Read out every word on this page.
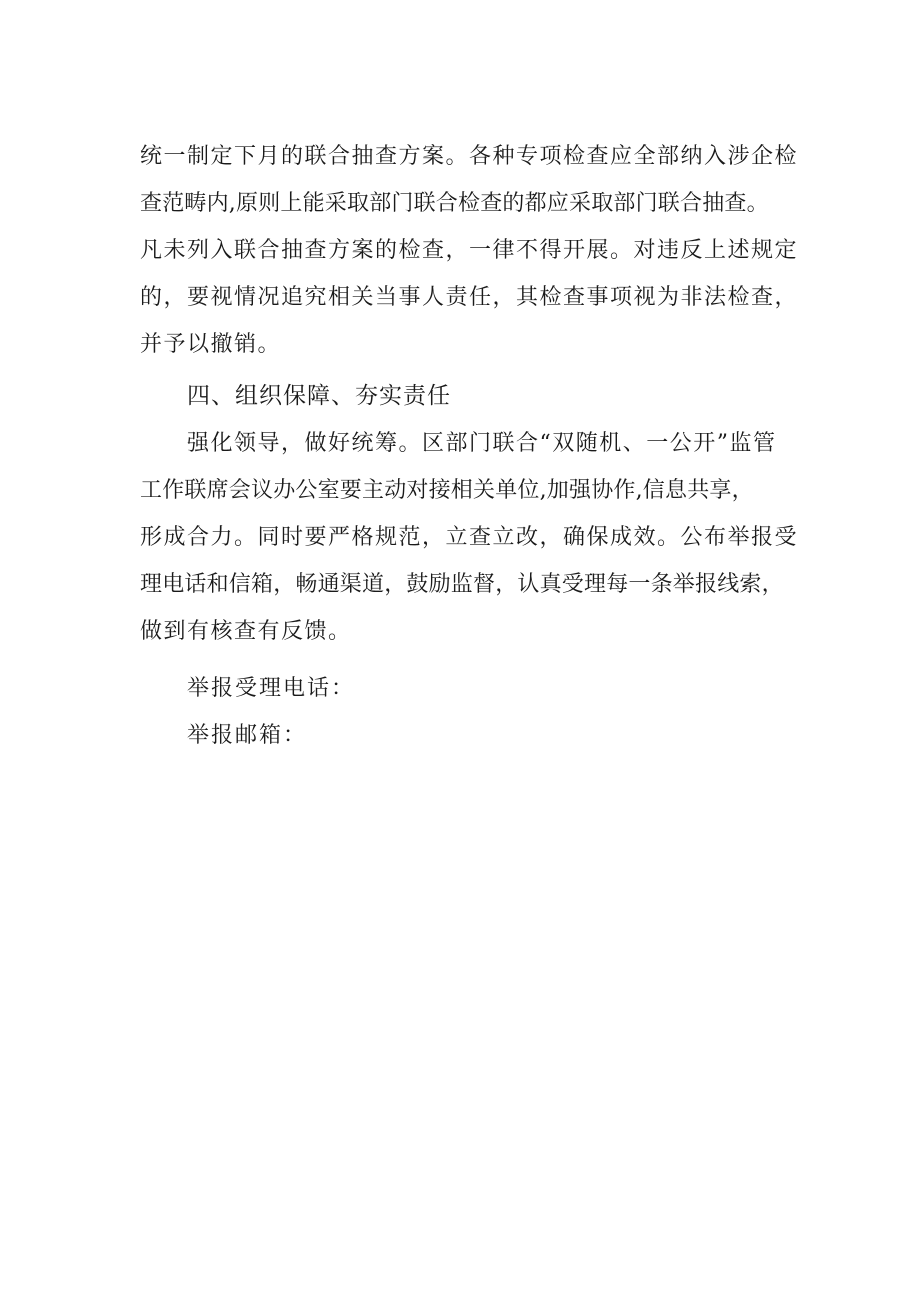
统一制定下月的联合抽查方案。各种专项检查应全部纳入涉企检
查范畴内,原则上能采取部门联合检查的都应采取部门联合抽查。
凡未列入联合抽查方案的检查，一律不得开展。对违反上述规定
的，要视情况追究相关当事人责任，其检查事项视为非法检查，
并予以撤销。
四、组织保障、夯实责任
强化领导，做好统筹。区部门联合“双随机、一公开”监管
工作联席会议办公室要主动对接相关单位,加强协作,信息共享，
形成合力。同时要严格规范，立查立改，确保成效。公布举报受
理电话和信箱，畅通渠道，鼓励监督，认真受理每一条举报线索，
做到有核查有反馈。
举报受理电话：
举报邮箱：
